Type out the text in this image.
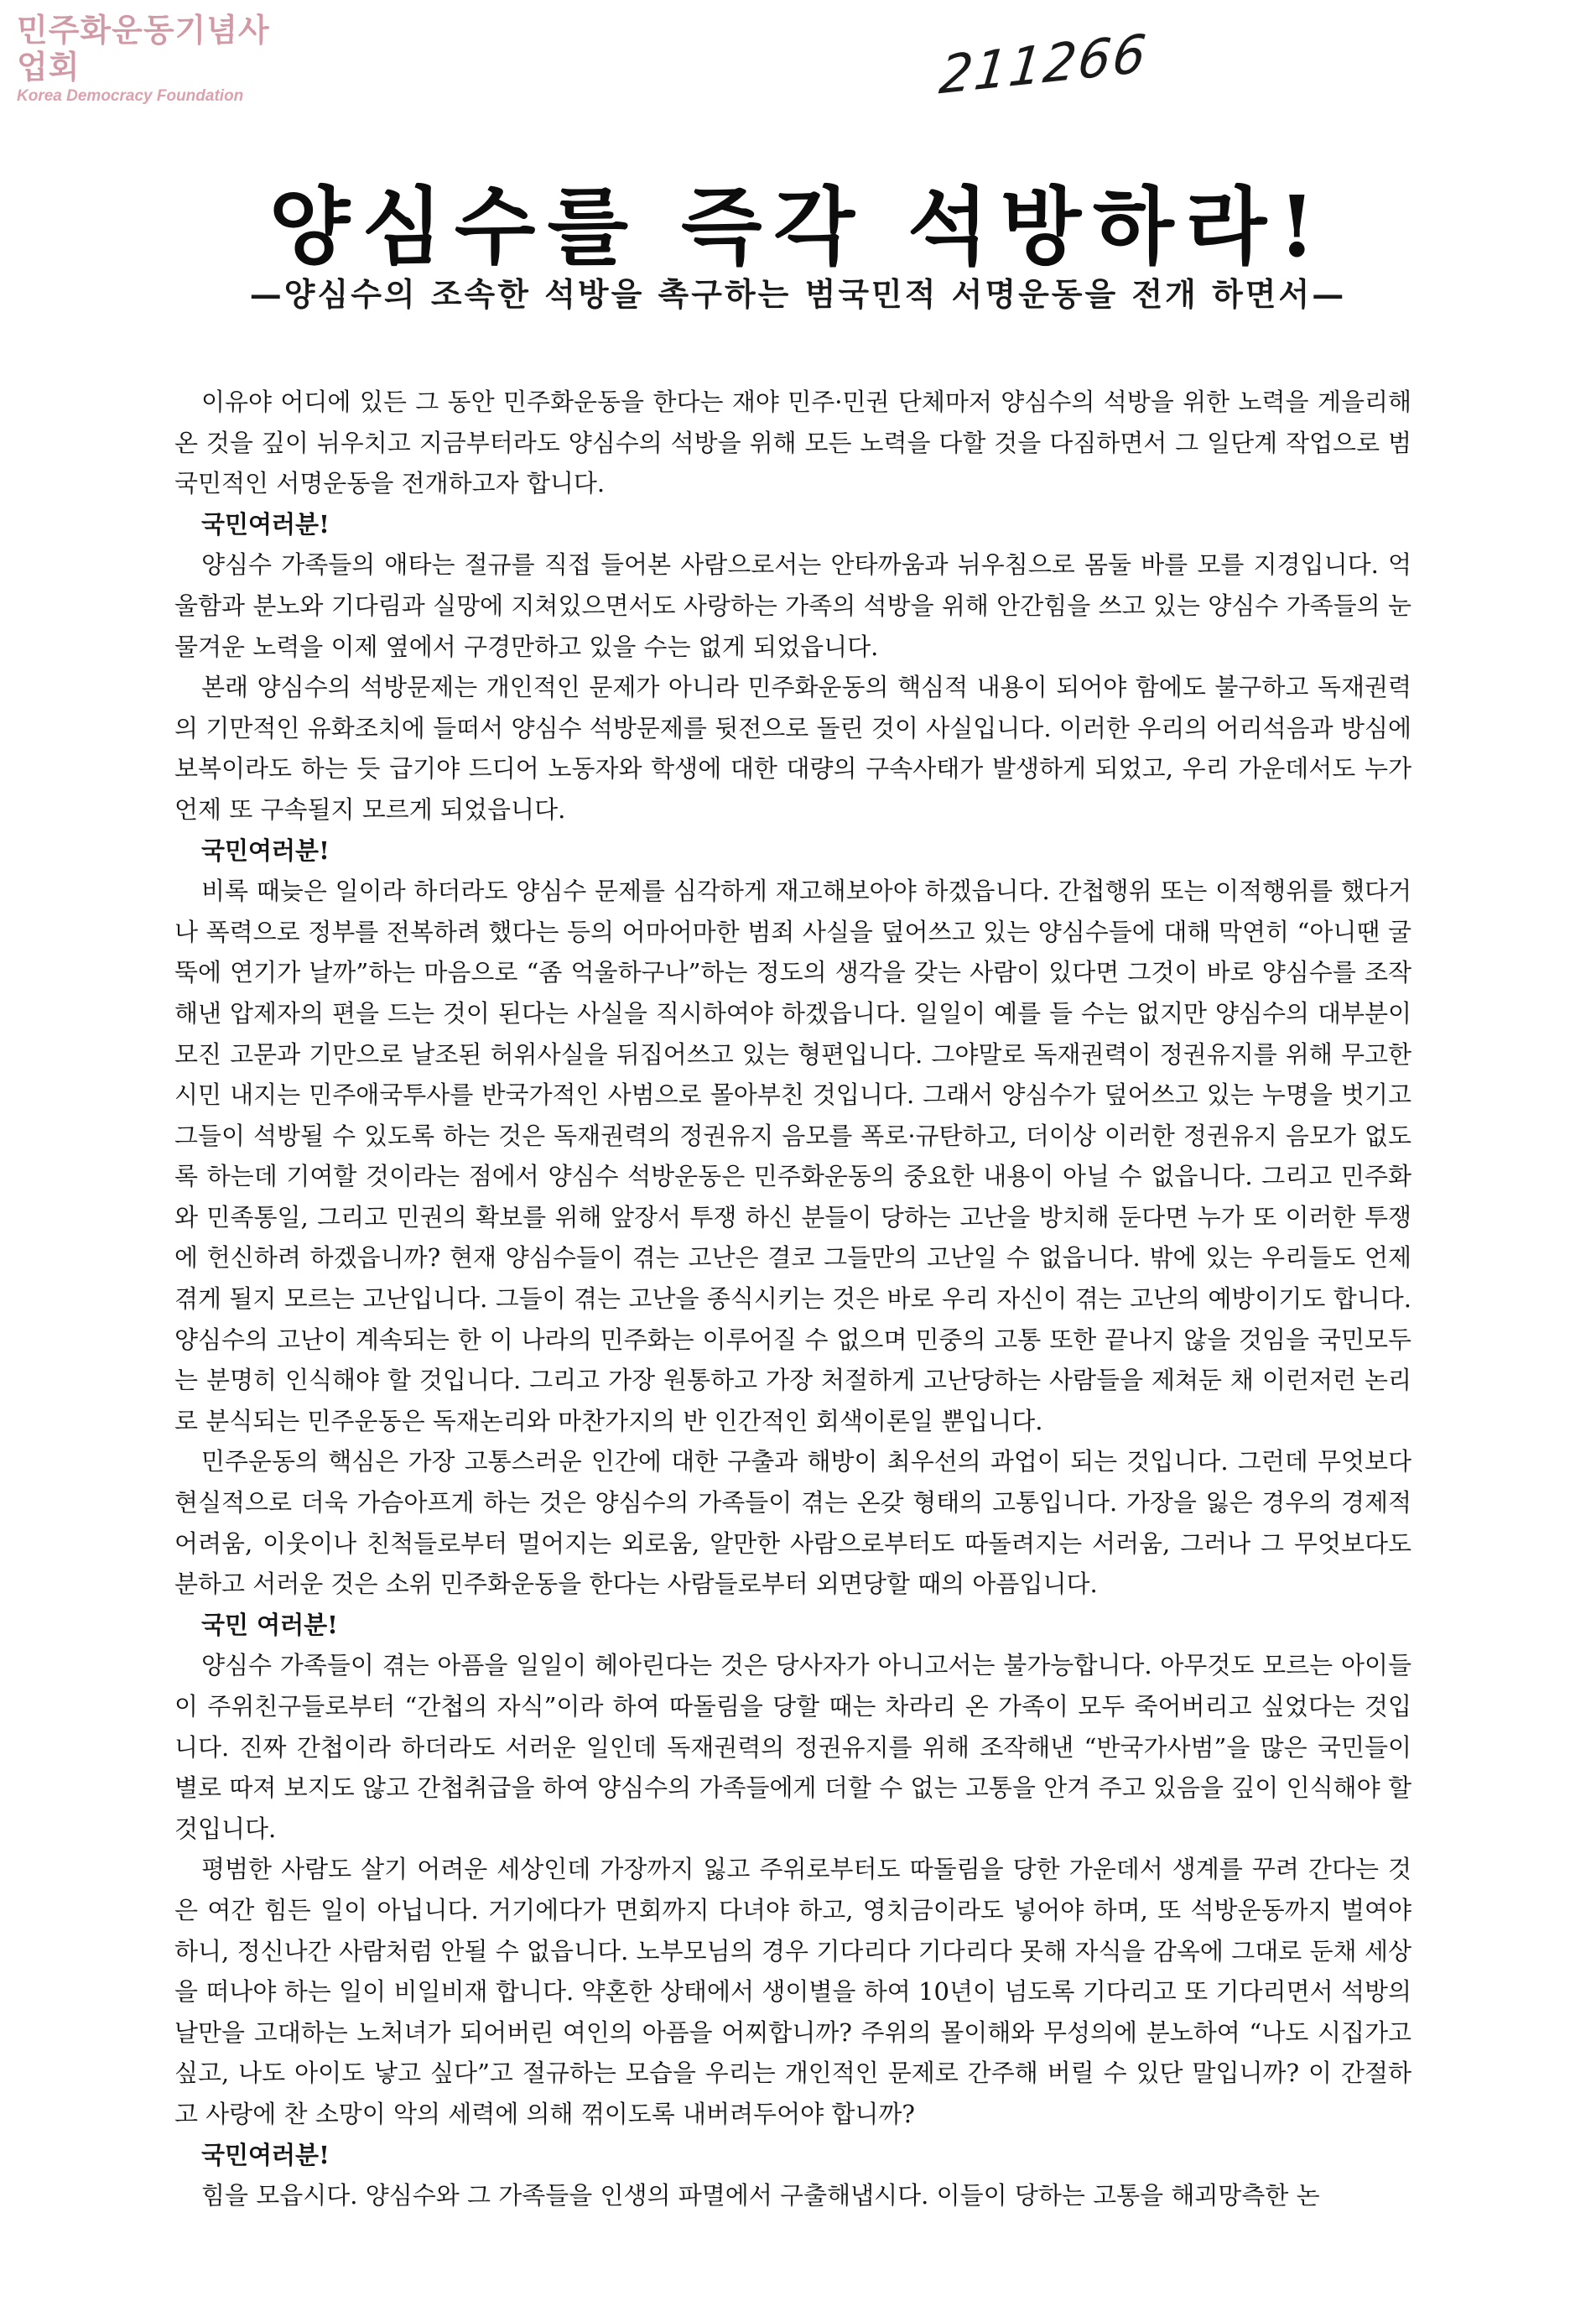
민주화운동기념사업회
Korea Democracy Foundation	211266
양심수를 즉각 석방하라!
—양심수의 조속한 석방을 촉구하는 범국민적 서명운동을 전개 하면서—

이유야 어디에 있든 그 동안 민주화운동을 한다는 재야 민주·민권 단체마저 양심수의 석방을 위한 노력을 게을리해 온 것을 깊이 뉘우치고 지금부터라도 양심수의 석방을 위해 모든 노력을 다할 것을 다짐하면서 그 일단계 작업으로 범국민적인 서명운동을 전개하고자 합니다.

국민여러분!

양심수 가족들의 애타는 절규를 직접 들어본 사람으로서는 안타까움과 뉘우침으로 몸둘 바를 모를 지경입니다. 억울함과 분노와 기다림과 실망에 지쳐있으면서도 사랑하는 가족의 석방을 위해 안간힘을 쓰고 있는 양심수 가족들의 눈물겨운 노력을 이제 옆에서 구경만하고 있을 수는 없게 되었읍니다.

본래 양심수의 석방문제는 개인적인 문제가 아니라 민주화운동의 핵심적 내용이 되어야 함에도 불구하고 독재권력의 기만적인 유화조치에 들떠서 양심수 석방문제를 뒷전으로 돌린 것이 사실입니다. 이러한 우리의 어리석음과 방심에 보복이라도 하는 듯 급기야 드디어 노동자와 학생에 대한 대량의 구속사태가 발생하게 되었고, 우리 가운데서도 누가 언제 또 구속될지 모르게 되었읍니다.

국민여러분!

비록 때늦은 일이라 하더라도 양심수 문제를 심각하게 재고해보아야 하겠읍니다. 간첩행위 또는 이적행위를 했다거나 폭력으로 정부를 전복하려 했다는 등의 어마어마한 범죄 사실을 덮어쓰고 있는 양심수들에 대해 막연히 “아니땐 굴뚝에 연기가 날까”하는 마음으로 “좀 억울하구나”하는 정도의 생각을 갖는 사람이 있다면 그것이 바로 양심수를 조작해낸 압제자의 편을 드는 것이 된다는 사실을 직시하여야 하겠읍니다. 일일이 예를 들 수는 없지만 양심수의 대부분이 모진 고문과 기만으로 날조된 허위사실을 뒤집어쓰고 있는 형편입니다. 그야말로 독재권력이 정권유지를 위해 무고한 시민 내지는 민주애국투사를 반국가적인 사범으로 몰아부친 것입니다. 그래서 양심수가 덮어쓰고 있는 누명을 벗기고 그들이 석방될 수 있도록 하는 것은 독재권력의 정권유지 음모를 폭로·규탄하고, 더이상 이러한 정권유지 음모가 없도록 하는데 기여할 것이라는 점에서 양심수 석방운동은 민주화운동의 중요한 내용이 아닐 수 없읍니다. 그리고 민주화와 민족통일, 그리고 민권의 확보를 위해 앞장서 투쟁 하신 분들이 당하는 고난을 방치해 둔다면 누가 또 이러한 투쟁에 헌신하려 하겠읍니까? 현재 양심수들이 겪는 고난은 결코 그들만의 고난일 수 없읍니다. 밖에 있는 우리들도 언제 겪게 될지 모르는 고난입니다. 그들이 겪는 고난을 종식시키는 것은 바로 우리 자신이 겪는 고난의 예방이기도 합니다. 양심수의 고난이 계속되는 한 이 나라의 민주화는 이루어질 수 없으며 민중의 고통 또한 끝나지 않을 것임을 국민모두는 분명히 인식해야 할 것입니다. 그리고 가장 원통하고 가장 처절하게 고난당하는 사람들을 제쳐둔 채 이런저런 논리로 분식되는 민주운동은 독재논리와 마찬가지의 반 인간적인 회색이론일 뿐입니다.

민주운동의 핵심은 가장 고통스러운 인간에 대한 구출과 해방이 최우선의 과업이 되는 것입니다. 그런데 무엇보다 현실적으로 더욱 가슴아프게 하는 것은 양심수의 가족들이 겪는 온갖 형태의 고통입니다. 가장을 잃은 경우의 경제적 어려움, 이웃이나 친척들로부터 멀어지는 외로움, 알만한 사람으로부터도 따돌려지는 서러움, 그러나 그 무엇보다도 분하고 서러운 것은 소위 민주화운동을 한다는 사람들로부터 외면당할 때의 아픔입니다.

국민 여러분!

양심수 가족들이 겪는 아픔을 일일이 헤아린다는 것은 당사자가 아니고서는 불가능합니다. 아무것도 모르는 아이들이 주위친구들로부터 “간첩의 자식”이라 하여 따돌림을 당할 때는 차라리 온 가족이 모두 죽어버리고 싶었다는 것입니다. 진짜 간첩이라 하더라도 서러운 일인데 독재권력의 정권유지를 위해 조작해낸 “반국가사범”을 많은 국민들이 별로 따져 보지도 않고 간첩취급을 하여 양심수의 가족들에게 더할 수 없는 고통을 안겨 주고 있음을 깊이 인식해야 할 것입니다.

평범한 사람도 살기 어려운 세상인데 가장까지 잃고 주위로부터도 따돌림을 당한 가운데서 생계를 꾸려 간다는 것은 여간 힘든 일이 아닙니다. 거기에다가 면회까지 다녀야 하고, 영치금이라도 넣어야 하며, 또 석방운동까지 벌여야 하니, 정신나간 사람처럼 안될 수 없읍니다. 노부모님의 경우 기다리다 기다리다 못해 자식을 감옥에 그대로 둔채 세상을 떠나야 하는 일이 비일비재 합니다. 약혼한 상태에서 생이별을 하여 10년이 넘도록 기다리고 또 기다리면서 석방의 날만을 고대하는 노처녀가 되어버린 여인의 아픔을 어찌합니까? 주위의 몰이해와 무성의에 분노하여 “나도 시집가고 싶고, 나도 아이도 낳고 싶다”고 절규하는 모습을 우리는 개인적인 문제로 간주해 버릴 수 있단 말입니까? 이 간절하고 사랑에 찬 소망이 악의 세력에 의해 꺾이도록 내버려두어야 합니까?

국민여러분!

힘을 모읍시다. 양심수와 그 가족들을 인생의 파멸에서 구출해냅시다. 이들이 당하는 고통을 해괴망측한 논
